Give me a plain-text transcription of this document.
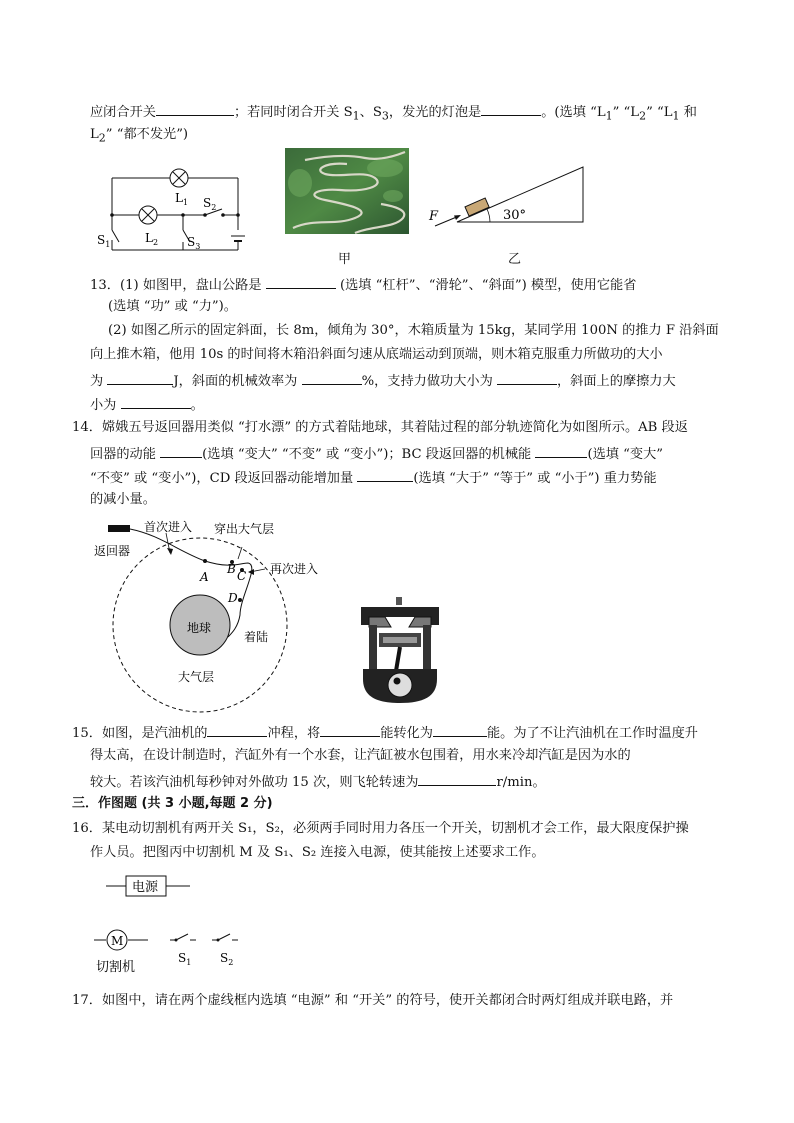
应闭合开关	；若同时闭合开关 $S_1$、$S_3$，发光的灯泡是	。(选填 “$L_1$” “$L_2$” “$L_1$ 和
$L_2$” “都不发光”)
$L_1$
$L_2$
$S_2$
$S_1$	$S_3$
甲
F	30°
乙
13．(1) 如图甲，盘山公路是	(选填 “杠杆”、“滑轮”、“斜面”) 模型，使用它能省
(选填 “功” 或 “力”)。
(2) 如图乙所示的固定斜面，长 8m，倾角为 30°，木箱质量为 15kg，某同学用 100N 的推力 F 沿斜面
向上推木箱，他用 10s 的时间将木箱沿斜面匀速从底端运动到顶端，则木箱克服重力所做功的大小
为	J，斜面的机械效率为	%，支持力做功大小为	，斜面上的摩擦力大
小为	。
14．嫦娥五号返回器用类似 “打水漂” 的方式着陆地球，其着陆过程的部分轨迹简化为如图所示。AB 段返
回器的动能	(选填 “变大” “不变” 或 “变小”)；BC 段返回器的机械能	(选填 “变大”
“不变” 或 “变小”)，CD 段返回器动能增加量	(选填 “大于” “等于” 或 “小于”) 重力势能
的减小量。
首次进入 穿出大气层
返回器
再次进入
着陆
地球
大气层
A
B C
D
15．如图，是汽油机的	冲程，将	能转化为	能。为了不让汽油机在工作时温度升
得太高，在设计制造时，汽缸外有一个水套，让汽缸被水包围着，用水来冷却汽缸是因为水的
较大。若该汽油机每秒钟对外做功 15 次，则飞轮转速为	r/min。
三．作图题 (共 3 小题,每题 2 分)
16．某电动切割机有两开关 S₁，S₂，必须两手同时用力各压一个开关，切割机才会工作，最大限度保护操
作人员。把图丙中切割机 M 及 S₁、S₂ 连接入电源，使其能按上述要求工作。
电源
M
切割机
$S_1$ $S_2$
17．如图中，请在两个虚线框内选填 “电源” 和 “开关” 的符号，使开关都闭合时两灯组成并联电路，并
